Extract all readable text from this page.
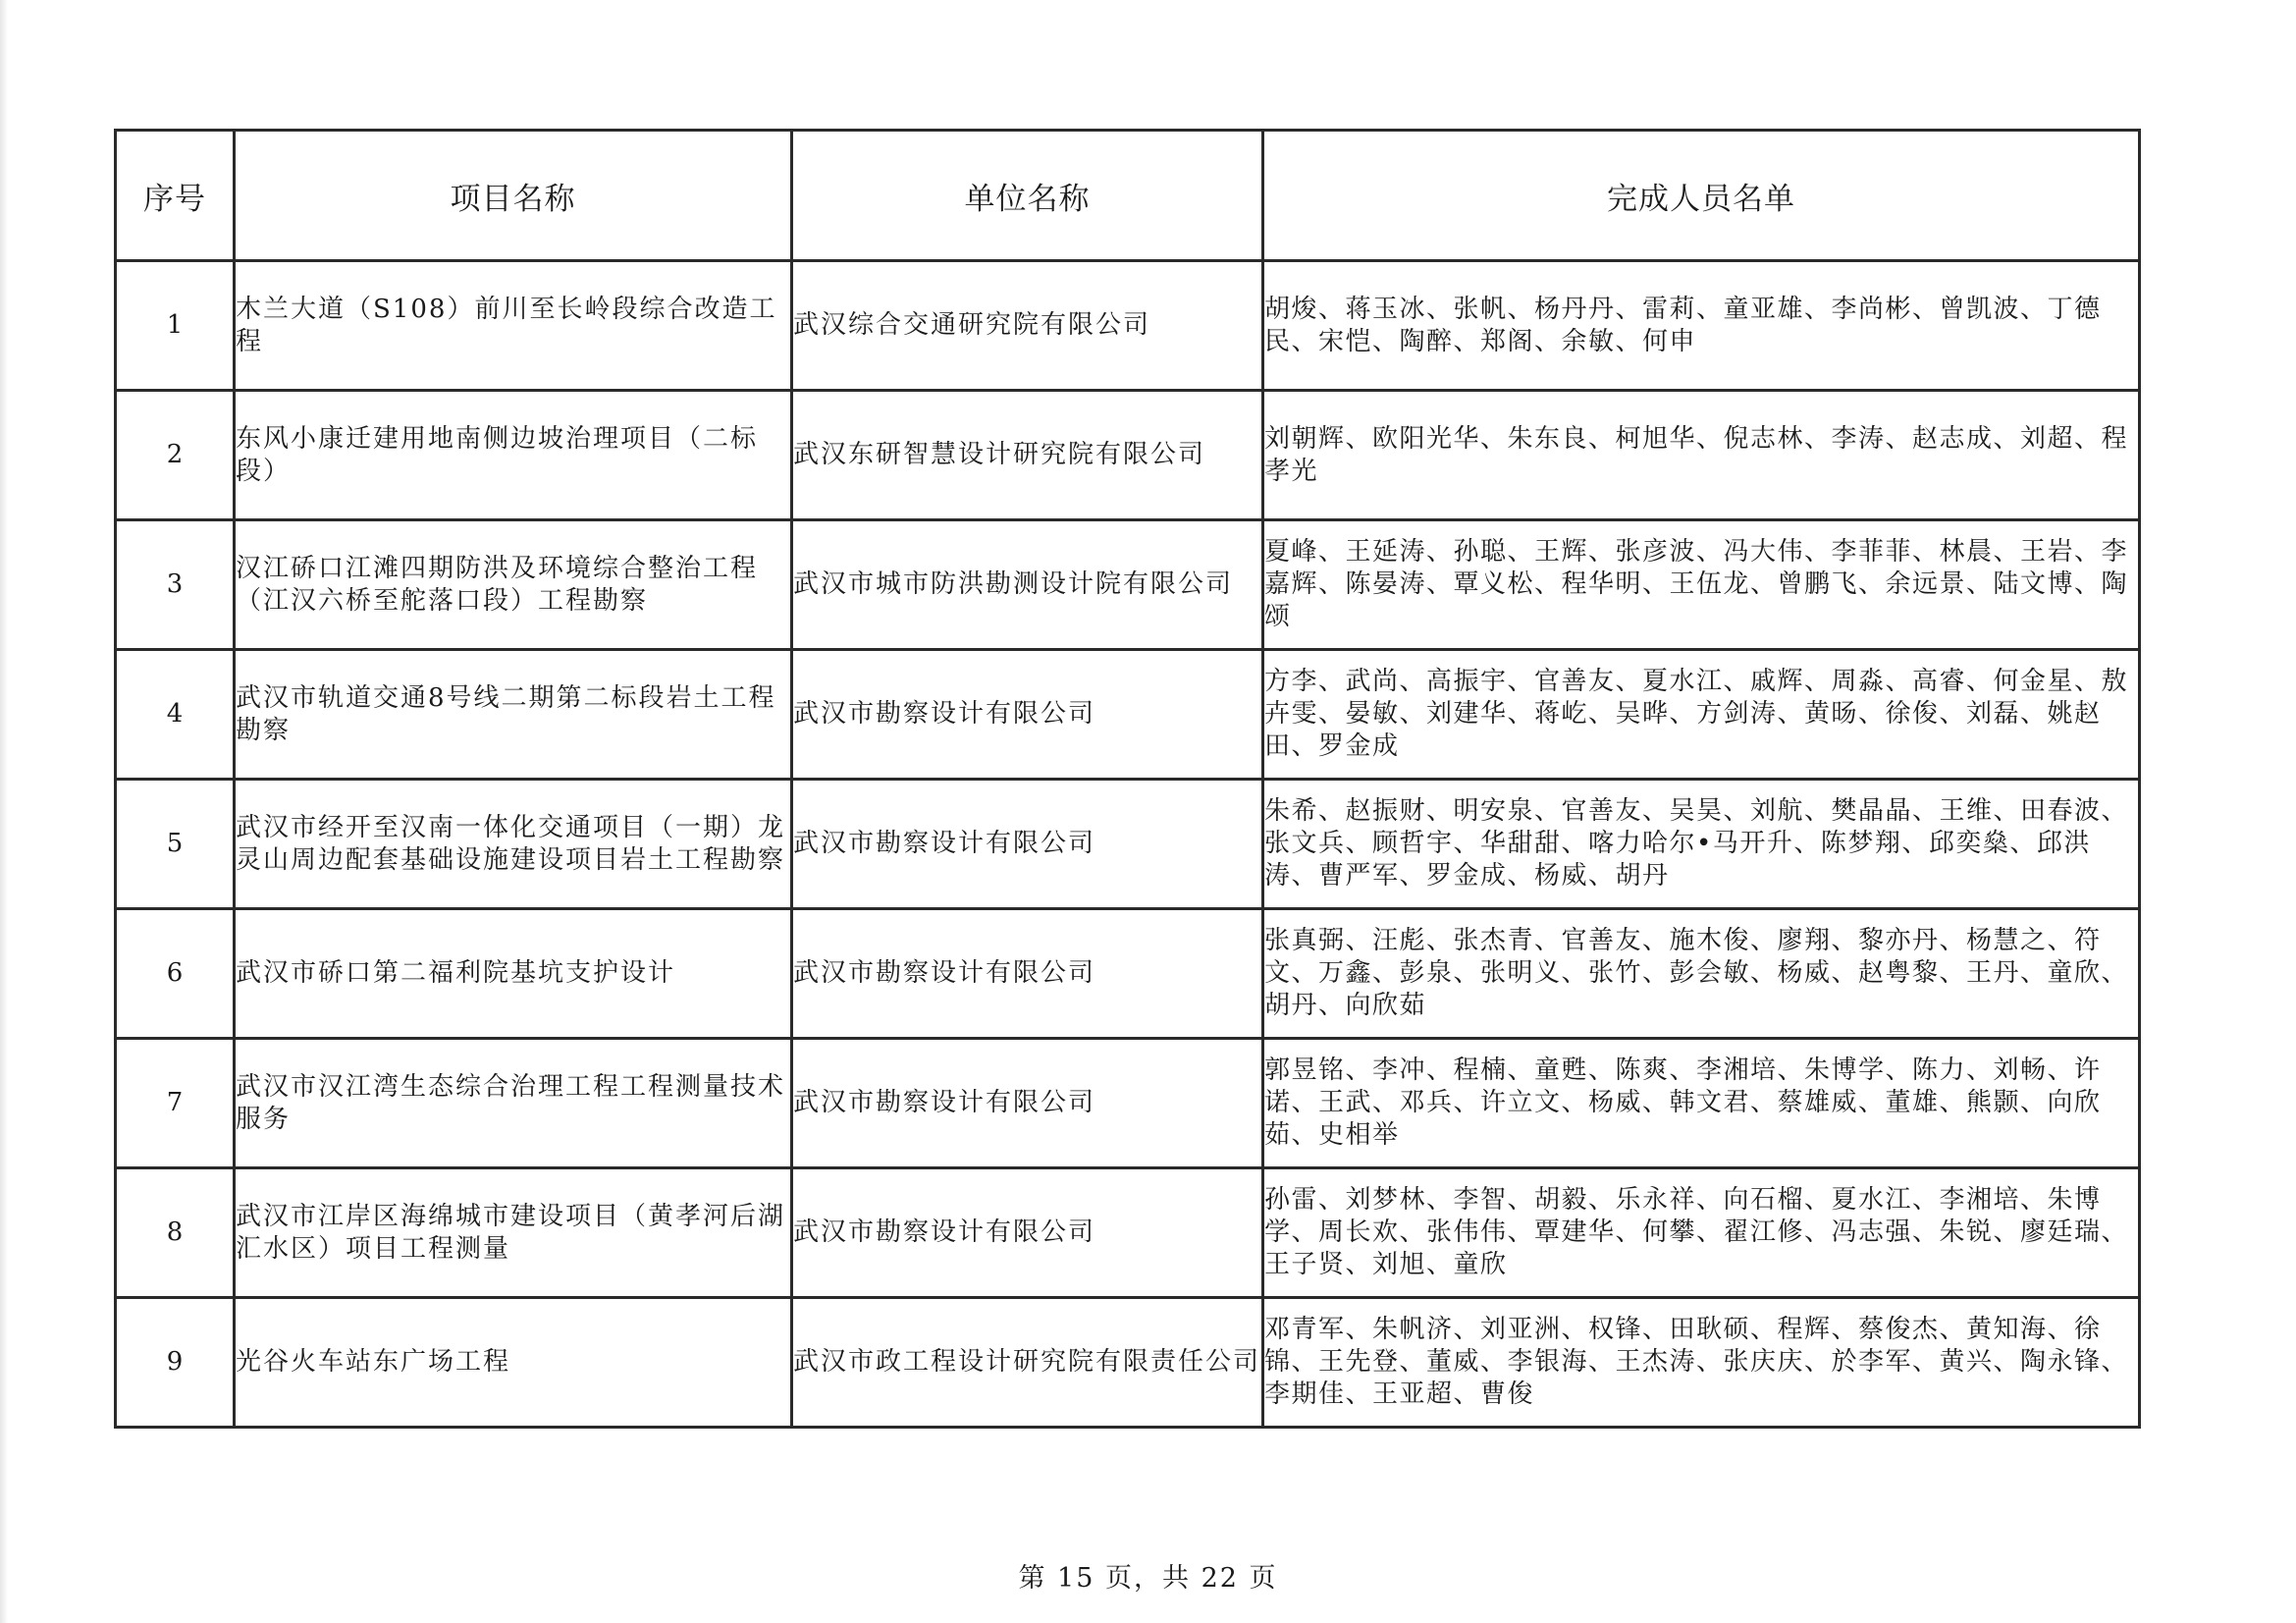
序号	项目名称	单位名称	完成人员名单
1	木兰大道（S108）前川至长岭段综合改造工程	武汉综合交通研究院有限公司	胡焌、蒋玉冰、张帆、杨丹丹、雷莉、童亚雄、李尚彬、曾凯波、丁德民、宋恺、陶醉、郑阁、余敏、何申
2	东风小康迁建用地南侧边坡治理项目（二标段）	武汉东研智慧设计研究院有限公司	刘朝辉、欧阳光华、朱东良、柯旭华、倪志林、李涛、赵志成、刘超、程孝光
3	汉江硚口江滩四期防洪及环境综合整治工程（江汉六桥至舵落口段）工程勘察	武汉市城市防洪勘测设计院有限公司	夏峰、王延涛、孙聪、王辉、张彦波、冯大伟、李菲菲、林晨、王岩、李嘉辉、陈晏涛、覃义松、程华明、王伍龙、曾鹏飞、余远景、陆文博、陶颂
4	武汉市轨道交通8号线二期第二标段岩土工程勘察	武汉市勘察设计有限公司	方李、武尚、高振宇、官善友、夏水江、戚辉、周淼、高睿、何金星、敖卉雯、晏敏、刘建华、蒋屹、吴晔、方剑涛、黄旸、徐俊、刘磊、姚赵田、罗金成
5	武汉市经开至汉南一体化交通项目（一期）龙灵山周边配套基础设施建设项目岩土工程勘察	武汉市勘察设计有限公司	朱希、赵振财、明安泉、官善友、吴昊、刘航、樊晶晶、王维、田春波、张文兵、顾哲宇、华甜甜、喀力哈尔•马开升、陈梦翔、邱奕燊、邱洪涛、曹严军、罗金成、杨威、胡丹
6	武汉市硚口第二福利院基坑支护设计	武汉市勘察设计有限公司	张真弼、汪彪、张杰青、官善友、施木俊、廖翔、黎亦丹、杨慧之、符文、万鑫、彭泉、张明义、张竹、彭会敏、杨威、赵粤黎、王丹、童欣、胡丹、向欣茹
7	武汉市汉江湾生态综合治理工程工程测量技术服务	武汉市勘察设计有限公司	郭昱铭、李冲、程楠、童甦、陈爽、李湘培、朱博学、陈力、刘畅、许诺、王武、邓兵、许立文、杨威、韩文君、蔡雄威、董雄、熊颢、向欣茹、史相举
8	武汉市江岸区海绵城市建设项目（黄孝河后湖汇水区）项目工程测量	武汉市勘察设计有限公司	孙雷、刘梦林、李智、胡毅、乐永祥、向石榴、夏水江、李湘培、朱博学、周长欢、张伟伟、覃建华、何攀、翟江修、冯志强、朱锐、廖廷瑞、王子贤、刘旭、童欣
9	光谷火车站东广场工程	武汉市政工程设计研究院有限责任公司	邓青军、朱帆济、刘亚洲、权锋、田耿硕、程辉、蔡俊杰、黄知海、徐锦、王先登、董威、李银海、王杰涛、张庆庆、於李军、黄兴、陶永锋、李期佳、王亚超、曹俊
第 15 页，共 22 页
